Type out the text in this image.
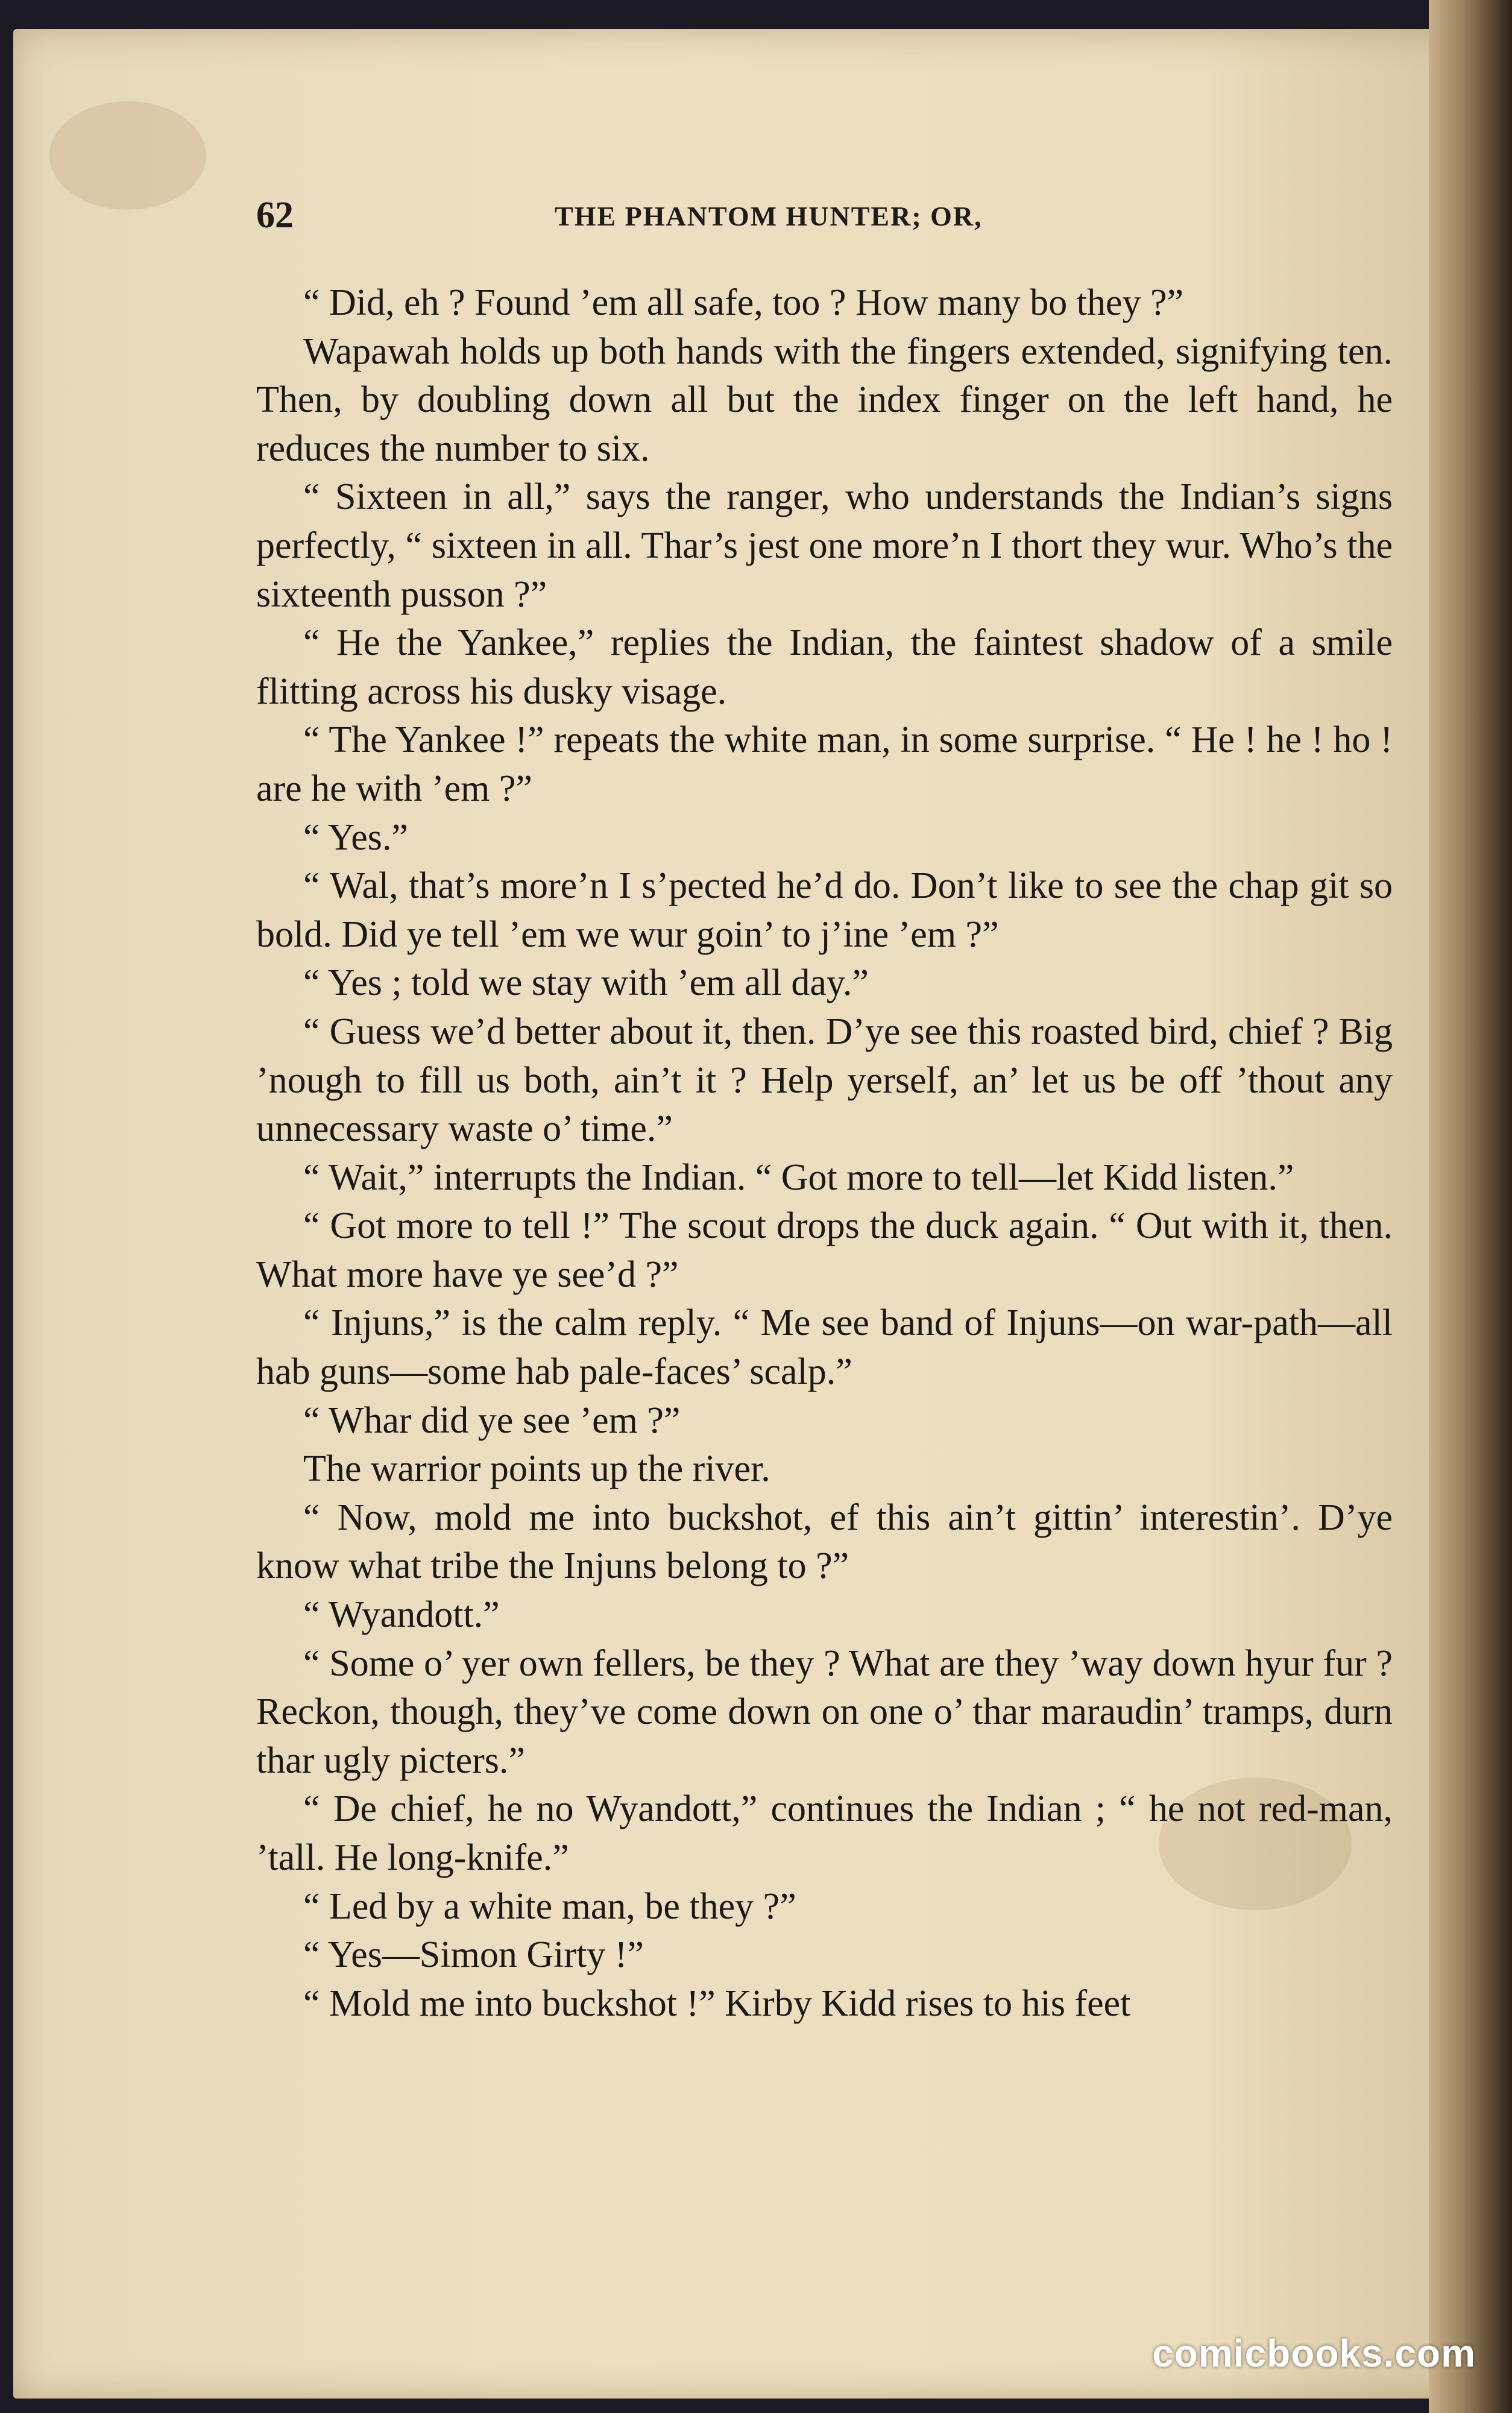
62	THE PHANTOM HUNTER; OR,

“ Did, eh ? Found ’em all safe, too ? How many bo they ?”

Wapawah holds up both hands with the fingers extended, signifying ten. Then, by doubling down all but the index finger on the left hand, he reduces the number to six.

“ Sixteen in all,” says the ranger, who understands the Indian’s signs perfectly, “ sixteen in all. Thar’s jest one more’n I thort they wur. Who’s the sixteenth pusson ?”

“ He the Yankee,” replies the Indian, the faintest shadow of a smile flitting across his dusky visage.

“ The Yankee !” repeats the white man, in some surprise. “ He ! he ! ho ! are he with ’em ?”

“ Yes.”

“ Wal, that’s more’n I s’pected he’d do. Don’t like to see the chap git so bold. Did ye tell ’em we wur goin’ to j’ine ’em ?”

“ Yes ; told we stay with ’em all day.”

“ Guess we’d better about it, then. D’ye see this roasted bird, chief ? Big ’nough to fill us both, ain’t it ? Help yerself, an’ let us be off ’thout any unnecessary waste o’ time.”

“ Wait,” interrupts the Indian. “ Got more to tell—let Kidd listen.”

“ Got more to tell !” The scout drops the duck again. “ Out with it, then. What more have ye see’d ?”

“ Injuns,” is the calm reply. “ Me see band of Injuns—on war-path—all hab guns—some hab pale-faces’ scalp.”

“ Whar did ye see ’em ?”

The warrior points up the river.

“ Now, mold me into buckshot, ef this ain’t gittin’ interestin’. D’ye know what tribe the Injuns belong to ?”

“ Wyandott.”

“ Some o’ yer own fellers, be they ? What are they ’way down hyur fur ? Reckon, though, they’ve come down on one o’ thar maraudin’ tramps, durn thar ugly picters.”

“ De chief, he no Wyandott,” continues the Indian ; “ he not red-man, ’tall. He long-knife.”

“ Led by a white man, be they ?”

“ Yes—Simon Girty !”

“ Mold me into buckshot !” Kirby Kidd rises to his feet

comicbooks.com
